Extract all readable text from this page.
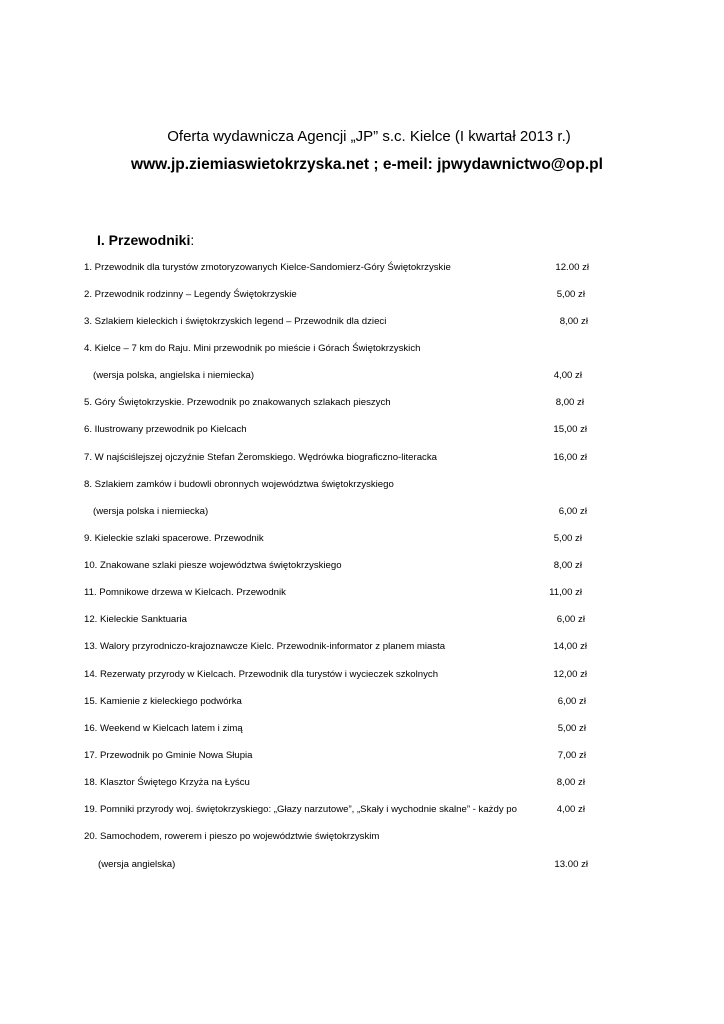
Oferta wydawnicza Agencji „JP” s.c. Kielce (I kwartał 2013 r.)
www.jp.ziemiaswietokrzyska.net ; e-meil: jpwydawnictwo@op.pl
I. Przewodniki:
1. Przewodnik dla turystów zmotoryzowanych Kielce-Sandomierz-Góry Świętokrzyskie	12.00 zł
2. Przewodnik rodzinny – Legendy Świętokrzyskie	5,00 zł
3. Szlakiem kieleckich i świętokrzyskich legend – Przewodnik dla dzieci	8,00 zł
4. Kielce – 7 km do Raju. Mini przewodnik po mieście i Górach Świętokrzyskich
(wersja polska, angielska i niemiecka)	4,00 zł
5. Góry Świętokrzyskie. Przewodnik po znakowanych szlakach pieszych	8,00 zł
6. Ilustrowany przewodnik po Kielcach	15,00 zł
7. W najściślejszej ojczyźnie Stefan Żeromskiego. Wędrówka biograficzno-literacka	16,00 zł
8. Szlakiem zamków i budowli obronnych województwa świętokrzyskiego
(wersja polska i niemiecka)	6,00 zł
9. Kieleckie szlaki spacerowe. Przewodnik	5,00 zł
10. Znakowane szlaki piesze województwa świętokrzyskiego	8,00 zł
11. Pomnikowe drzewa w Kielcach. Przewodnik	11,00 zł
12. Kieleckie Sanktuaria	6,00 zł
13. Walory przyrodniczo-krajoznawcze Kielc. Przewodnik-informator z planem miasta	14,00 zł
14. Rezerwaty przyrody w Kielcach. Przewodnik dla turystów i wycieczek szkolnych	12,00 zł
15. Kamienie z kieleckiego podwórka	6,00 zł
16. Weekend w Kielcach latem i zimą	5,00 zł
17. Przewodnik po Gminie Nowa Słupia	7,00 zł
18. Klasztor Świętego Krzyża na Łyścu	8,00 zł
19. Pomniki przyrody woj. świętokrzyskiego: „Głazy narzutowe”, „Skały i wychodnie skalne” - każdy po	4,00 zł
20. Samochodem, rowerem i pieszo po województwie świętokrzyskim
(wersja angielska)	13.00 zł
